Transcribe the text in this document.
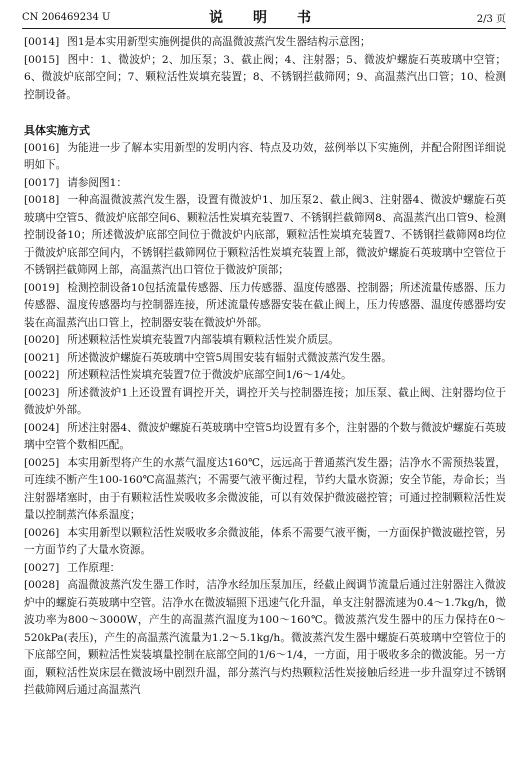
CN 206469234 U	说　明　书	2/3 页

[0014] 图1是本实用新型实施例提供的高温微波蒸汽发生器结构示意图；

[0015] 图中：1、微波炉；2、加压泵；3、截止阀；4、注射器；5、微波炉螺旋石英玻璃中空管；6、微波炉底部空间；7、颗粒活性炭填充装置；8、不锈钢拦截筛网；9、高温蒸汽出口管；10、检测控制设备。

具体实施方式

[0016] 为能进一步了解本实用新型的发明内容、特点及功效，兹例举以下实施例，并配合附图详细说明如下。

[0017] 请参阅图1：

[0018] 一种高温微波蒸汽发生器，设置有微波炉1、加压泵2、截止阀3、注射器4、微波炉螺旋石英玻璃中空管5、微波炉底部空间6、颗粒活性炭填充装置7、不锈钢拦截筛网8、高温蒸汽出口管9、检测控制设备10；所述微波炉底部空间位于微波炉内底部，颗粒活性炭填充装置7、不锈钢拦截筛网8均位于微波炉底部空间内，不锈钢拦截筛网位于颗粒活性炭填充装置上部，微波炉螺旋石英玻璃中空管位于不锈钢拦截筛网上部，高温蒸汽出口管位于微波炉顶部；

[0019] 检测控制设备10包括流量传感器、压力传感器、温度传感器、控制器；所述流量传感器、压力传感器、温度传感器均与控制器连接，所述流量传感器安装在截止阀上，压力传感器、温度传感器均安装在高温蒸汽出口管上，控制器安装在微波炉外部。

[0020] 所述颗粒活性炭填充装置7内部装填有颗粒活性炭介质层。

[0021] 所述微波炉螺旋石英玻璃中空管5周围安装有辐射式微波蒸汽发生器。

[0022] 所述颗粒活性炭填充装置7位于微波炉底部空间1/6～1/4处。

[0023] 所述微波炉1上还设置有调控开关，调控开关与控制器连接；加压泵、截止阀、注射器均位于微波炉外部。

[0024] 所述注射器4、微波炉螺旋石英玻璃中空管5均设置有多个，注射器的个数与微波炉螺旋石英玻璃中空管个数相匹配。

[0025] 本实用新型将产生的水蒸气温度达160℃，远远高于普通蒸汽发生器；洁净水不需预热装置，可连续不断产生100-160℃高温蒸汽；不需要气液平衡过程，节约大量水资源；安全节能，寿命长；当注射器堵塞时，由于有颗粒活性炭吸收多余微波能，可以有效保护微波磁控管；可通过控制颗粒活性炭量以控制蒸汽体系温度；

[0026] 本实用新型以颗粒活性炭吸收多余微波能，体系不需要气液平衡，一方面保护微波磁控管，另一方面节约了大量水资源。

[0027] 工作原理：

[0028] 高温微波蒸汽发生器工作时，洁净水经加压泵加压，经截止阀调节流量后通过注射器注入微波炉中的螺旋石英玻璃中空管。洁净水在微波辐照下迅速气化升温，单支注射器流速为0.4～1.7kg/h，微波功率为800～3000W，产生的高温蒸汽温度为100～160℃。微波蒸汽发生器中的压力保持在0～520kPa(表压)，产生的高温蒸汽流量为1.2～5.1kg/h。微波蒸汽发生器中螺旋石英玻璃中空管位于的下底部空间，颗粒活性炭装填量控制在底部空间的1/6～1/4，一方面，用于吸收多余的微波能。另一方面，颗粒活性炭床层在微波场中剧烈升温，部分蒸汽与灼热颗粒活性炭接触后经进一步升温穿过不锈钢拦截筛网后通过高温蒸汽
